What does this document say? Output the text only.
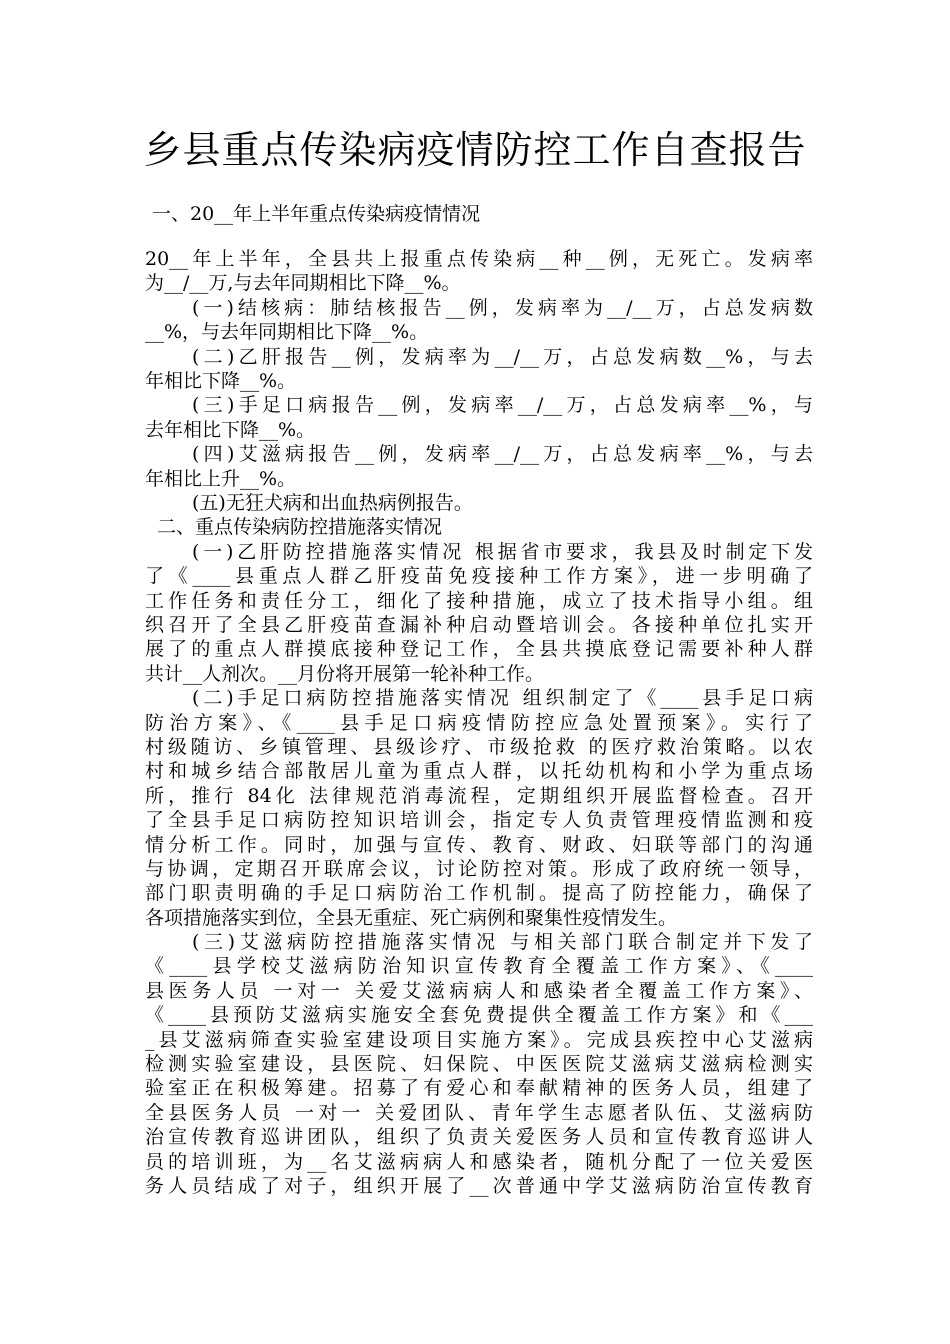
乡县重点传染病疫情防控工作自查报告

一、20__年上半年重点传染病疫情情况

20__年上半年，全县共上报重点传染病__种__例，无死亡。发病率
为__/__万,与去年同期相比下降__%。
(一)结核病：肺结核报告__例，发病率为__/__万，占总发病数
__%，与去年同期相比下降__%。
(二)乙肝报告__例，发病率为__/__万，占总发病数__%，与去
年相比下降__%。
(三)手足口病报告__例，发病率__/__万，占总发病率__%，与
去年相比下降__%。
(四)艾滋病报告__例，发病率__/__万，占总发病率__%，与去
年相比上升__%。
(五)无狂犬病和出血热病例报告。
二、重点传染病防控措施落实情况
(一)乙肝防控措施落实情况 根据省市要求，我县及时制定下发
了《____县重点人群乙肝疫苗免疫接种工作方案》，进一步明确了
工作任务和责任分工，细化了接种措施，成立了技术指导小组。组
织召开了全县乙肝疫苗查漏补种启动暨培训会。各接种单位扎实开
展了的重点人群摸底接种登记工作，全县共摸底登记需要补种人群
共计__人剂次。__月份将开展第一轮补种工作。
(二)手足口病防控措施落实情况 组织制定了《____县手足口病
防治方案》、《____县手足口病疫情防控应急处置预案》。实行了
村级随访、乡镇管理、县级诊疗、市级抢救 的医疗救治策略。以农
村和城乡结合部散居儿童为重点人群，以托幼机构和小学为重点场
所，推行 84化 法律规范消毒流程，定期组织开展监督检查。召开
了全县手足口病防控知识培训会，指定专人负责管理疫情监测和疫
情分析工作。同时，加强与宣传、教育、财政、妇联等部门的沟通
与协调，定期召开联席会议，讨论防控对策。形成了政府统一领导，
部门职责明确的手足口病防治工作机制。提高了防控能力，确保了
各项措施落实到位，全县无重症、死亡病例和聚集性疫情发生。
(三)艾滋病防控措施落实情况 与相关部门联合制定并下发了
《____县学校艾滋病防治知识宣传教育全覆盖工作方案》、《____
县医务人员 一对一 关爱艾滋病病人和感染者全覆盖工作方案》、
《____县预防艾滋病实施安全套免费提供全覆盖工作方案》和《___
_县艾滋病筛查实验室建设项目实施方案》。完成县疾控中心艾滋病
检测实验室建设，县医院、妇保院、中医医院艾滋病艾滋病检测实
验室正在积极筹建。招募了有爱心和奉献精神的医务人员，组建了
全县医务人员 一对一 关爱团队、青年学生志愿者队伍、艾滋病防
治宣传教育巡讲团队，组织了负责关爱医务人员和宣传教育巡讲人
员的培训班，为__名艾滋病病人和感染者，随机分配了一位关爱医
务人员结成了对子，组织开展了__次普通中学艾滋病防治宣传教育
